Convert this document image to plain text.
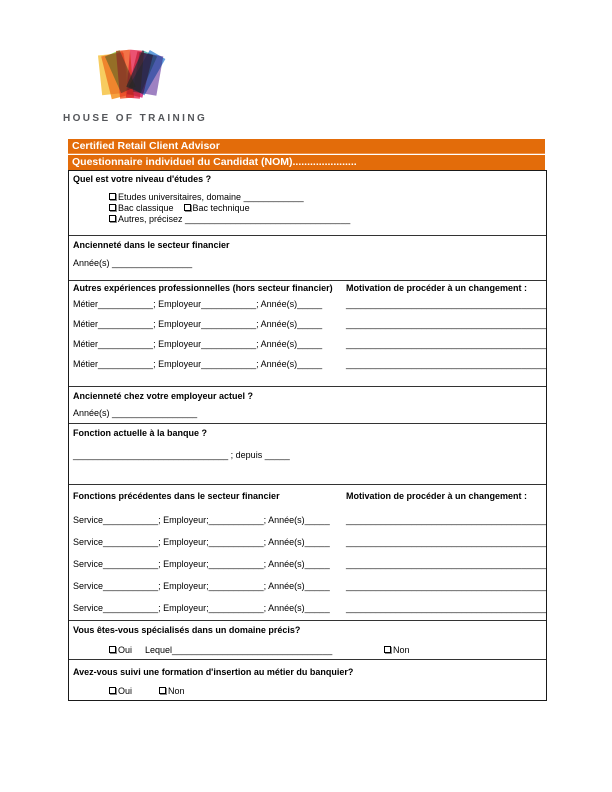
HOUSE OF TRAINING
Certified Retail Client Advisor
Questionnaire individuel du Candidat (NOM)......................
Quel est votre niveau d'études ?
Etudes universitaires, domaine ____________
Bac classique Bac technique
Autres, précisez _________________________________
Ancienneté dans le secteur financier
Année(s) ________________
Autres expériences professionnelles (hors secteur financier) Motivation de procéder à un changement :
Métier___________; Employeur___________; Année(s)_____	________________________________________
Métier___________; Employeur___________; Année(s)_____	________________________________________
Métier___________; Employeur___________; Année(s)_____	________________________________________
Métier___________; Employeur___________; Année(s)_____	________________________________________
Ancienneté chez votre employeur actuel ?
Année(s) _________________
Fonction actuelle à la banque ?
_______________________________ ; depuis _____
Fonctions précédentes dans le secteur financier	Motivation de procéder à un changement :
Service___________; Employeur;___________; Année(s)_____ ________________________________________
Service___________; Employeur;___________; Année(s)_____ ________________________________________
Service___________; Employeur;___________; Année(s)_____ ________________________________________
Service___________; Employeur;___________; Année(s)_____ ________________________________________
Service___________; Employeur;___________; Année(s)_____ ________________________________________
Vous êtes-vous spécialisés dans un domaine précis?
Oui Lequel________________________________	Non
Avez-vous suivi une formation d'insertion au métier du banquier?
Oui	Non
